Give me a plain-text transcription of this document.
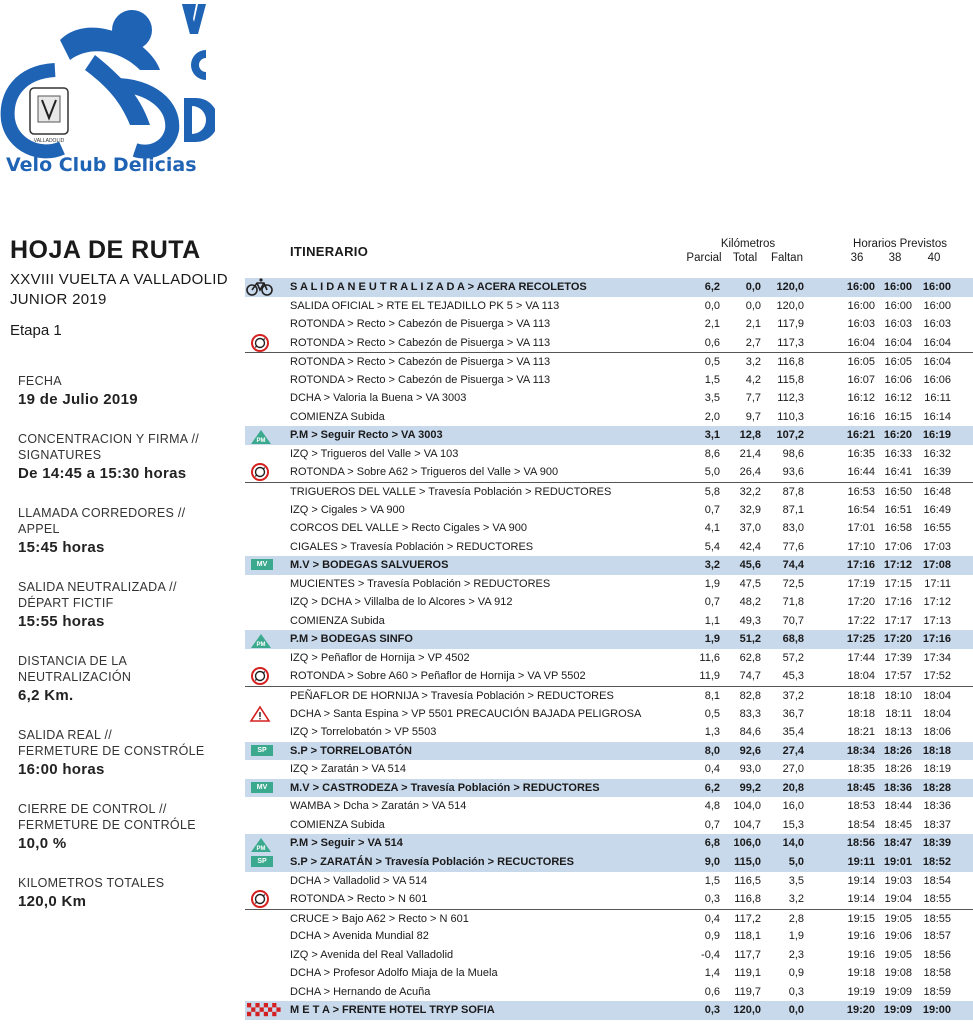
VALLADOLID
Velo Club Delicias
HOJA DE RUTA
XXVIII VUELTA A VALLADOLID
JUNIOR 2019
Etapa 1
FECHA
19 de Julio 2019
CONCENTRACION Y FIRMA //
SIGNATURES
De 14:45 a 15:30 horas
LLAMADA CORREDORES //
APPEL
15:45 horas
SALIDA NEUTRALIZADA //
DÉPART FICTIF
15:55 horas
DISTANCIA DE LA
NEUTRALIZACIÓN
6,2 Km.
SALIDA REAL //
FERMETURE DE CONSTRÓLE
16:00 horas
CIERRE DE CONTROL //
FERMETURE DE CONTRÓLE
10,0 %
KILOMETROS TOTALES
120,0 Km
ITINERARIO	Kilómetros
Parcial Total	Faltan
Horarios Previstos
36	38	40
S A L I D A N E U T R A L I Z A D A > ACERA RECOLETOS	6,2	0,0	120,0	16:00 16:00 16:00
SALIDA OFICIAL > RTE EL TEJADILLO PK 5 > VA 113	0,0	0,0	120,0	16:00 16:00	16:00
ROTONDA > Recto > Cabezón de Pisuerga > VA 113	2,1	2,1	117,9	16:03 16:03	16:03
ROTONDA > Recto > Cabezón de Pisuerga > VA 113	0,6	2,7	117,3	16:04 16:04	16:04
ROTONDA > Recto > Cabezón de Pisuerga > VA 113	0,5	3,2	116,8	16:05 16:05	16:04
ROTONDA > Recto > Cabezón de Pisuerga > VA 113	1,5	4,2	115,8	16:07 16:06	16:06
DCHA > Valoria la Buena > VA 3003	3,5	7,7	112,3	16:12 16:12	16:11
COMIENZA Subida	2,0	9,7	110,3	16:16 16:15	16:14
PM P.M > Seguir Recto > VA 3003	3,1	12,8	107,2	16:21 16:20 16:19
IZQ > Trigueros del Valle > VA 103	8,6	21,4	98,6	16:35 16:33	16:32
ROTONDA > Sobre A62 > Trigueros del Valle > VA 900	5,0	26,4	93,6	16:44 16:41	16:39
TRIGUEROS DEL VALLE > Travesía Población > REDUCTORES	5,8	32,2	87,8	16:53 16:50	16:48
IZQ > Cigales > VA 900	0,7	32,9	87,1	16:54 16:51	16:49
CORCOS DEL VALLE > Recto Cigales > VA 900	4,1	37,0	83,0	17:01 16:58	16:55
CIGALES > Travesía Población > REDUCTORES	5,4	42,4	77,6	17:10 17:06	17:03
MV	M.V > BODEGAS SALVUEROS	3,2	45,6	74,4	17:16 17:12 17:08
MUCIENTES > Travesía Población > REDUCTORES	1,9	47,5	72,5	17:19 17:15	17:11
IZQ > DCHA > Villalba de lo Alcores > VA 912	0,7	48,2	71,8	17:20 17:16	17:12
COMIENZA Subida	1,1	49,3	70,7	17:22 17:17	17:13
PM P.M > BODEGAS SINFO	1,9	51,2	68,8	17:25 17:20 17:16
IZQ > Peñaflor de Hornija > VP 4502	11,6	62,8	57,2	17:44 17:39	17:34
ROTONDA > Sobre A60 > Peñaflor de Hornija > VA VP 5502	11,9	74,7	45,3	18:04 17:57	17:52
PEÑAFLOR DE HORNIJA > Travesía Población > REDUCTORES	8,1	82,8	37,2	18:18 18:10	18:04
DCHA > Santa Espina > VP 5501 PRECAUCIÓN BAJADA PELIGROSA	0,5	83,3	36,7	18:18 18:11	18:04
IZQ > Torrelobatón > VP 5503	1,3	84,6	35,4	18:21 18:13	18:06
SP	S.P > TORRELOBATÓN	8,0	92,6	27,4	18:34 18:26 18:18
IZQ > Zaratán > VA 514	0,4	93,0	27,0	18:35 18:26	18:19
MV	M.V > CASTRODEZA > Travesía Población > REDUCTORES	6,2	99,2	20,8	18:45 18:36 18:28
WAMBA > Dcha > Zaratán > VA 514	4,8	104,0	16,0	18:53 18:44	18:36
COMIENZA Subida	0,7	104,7	15,3	18:54 18:45	18:37
PM P.M > Seguir > VA 514	6,8	106,0	14,0	18:56 18:47 18:39
SP	S.P > ZARATÁN > Travesía Población > RECUCTORES	9,0	115,0	5,0	19:11 19:01 18:52
DCHA > Valladolid > VA 514	1,5	116,5	3,5	19:14 19:03	18:54
ROTONDA > Recto > N 601	0,3	116,8	3,2	19:14 19:04	18:55
CRUCE > Bajo A62 > Recto > N 601	0,4	117,2	2,8	19:15 19:05	18:55
DCHA > Avenida Mundial 82	0,9	118,1	1,9	19:16 19:06	18:57
IZQ > Avenida del Real Valladolid	-0,4	117,7	2,3	19:16 19:05	18:56
DCHA > Profesor Adolfo Miaja de la Muela	1,4	119,1	0,9	19:18 19:08	18:58
DCHA > Hernando de Acuña	0,6	119,7	0,3	19:19 19:09	18:59
M E T A > FRENTE HOTEL TRYP SOFIA	0,3	120,0	0,0	19:20 19:09 19:00
